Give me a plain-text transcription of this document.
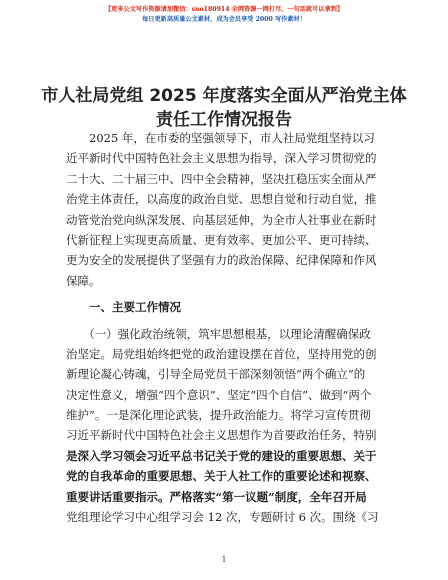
【更多公文写作资源请加微信：suo180914 全网资源一网打尽，一句话就可以拿到】
每日更新高质量公文素材，成为会员享受 2000 写作素材！
市人社局党组 2025 年度落实全面从严治党主体
责任工作情况报告
　　2025 年，在市委的坚强领导下，市人社局党组坚持以习
近平新时代中国特色社会主义思想为指导，深入学习贯彻党的
二十大、二十届三中、四中全会精神，坚决扛稳压实全面从严
治党主体责任，以高度的政治自觉、思想自觉和行动自觉，推
动管党治党向纵深发展、向基层延伸，为全市人社事业在新时
代新征程上实现更高质量、更有效率、更加公平、更可持续、
更为安全的发展提供了坚强有力的政治保障、纪律保障和作风
保障。
　　一、主要工作情况
　　（一）强化政治统领，筑牢思想根基，以理论清醒确保政
治坚定。局党组始终把党的政治建设摆在首位，坚持用党的创
新理论凝心铸魂，引导全局党员干部深刻领悟“两个确立”的
决定性意义，增强“四个意识”、坚定“四个自信”、做到“两个
维护”。一是深化理论武装，提升政治能力。将学习宣传贯彻
习近平新时代中国特色社会主义思想作为首要政治任务，特别
是深入学习领会习近平总书记关于党的建设的重要思想、关于
党的自我革命的重要思想、关于人社工作的重要论述和视察、
重要讲话重要指示。严格落实“第一议题”制度，全年召开局
党组理论学习中心组学习会 12 次，专题研讨 6 次。围绕《习
1
